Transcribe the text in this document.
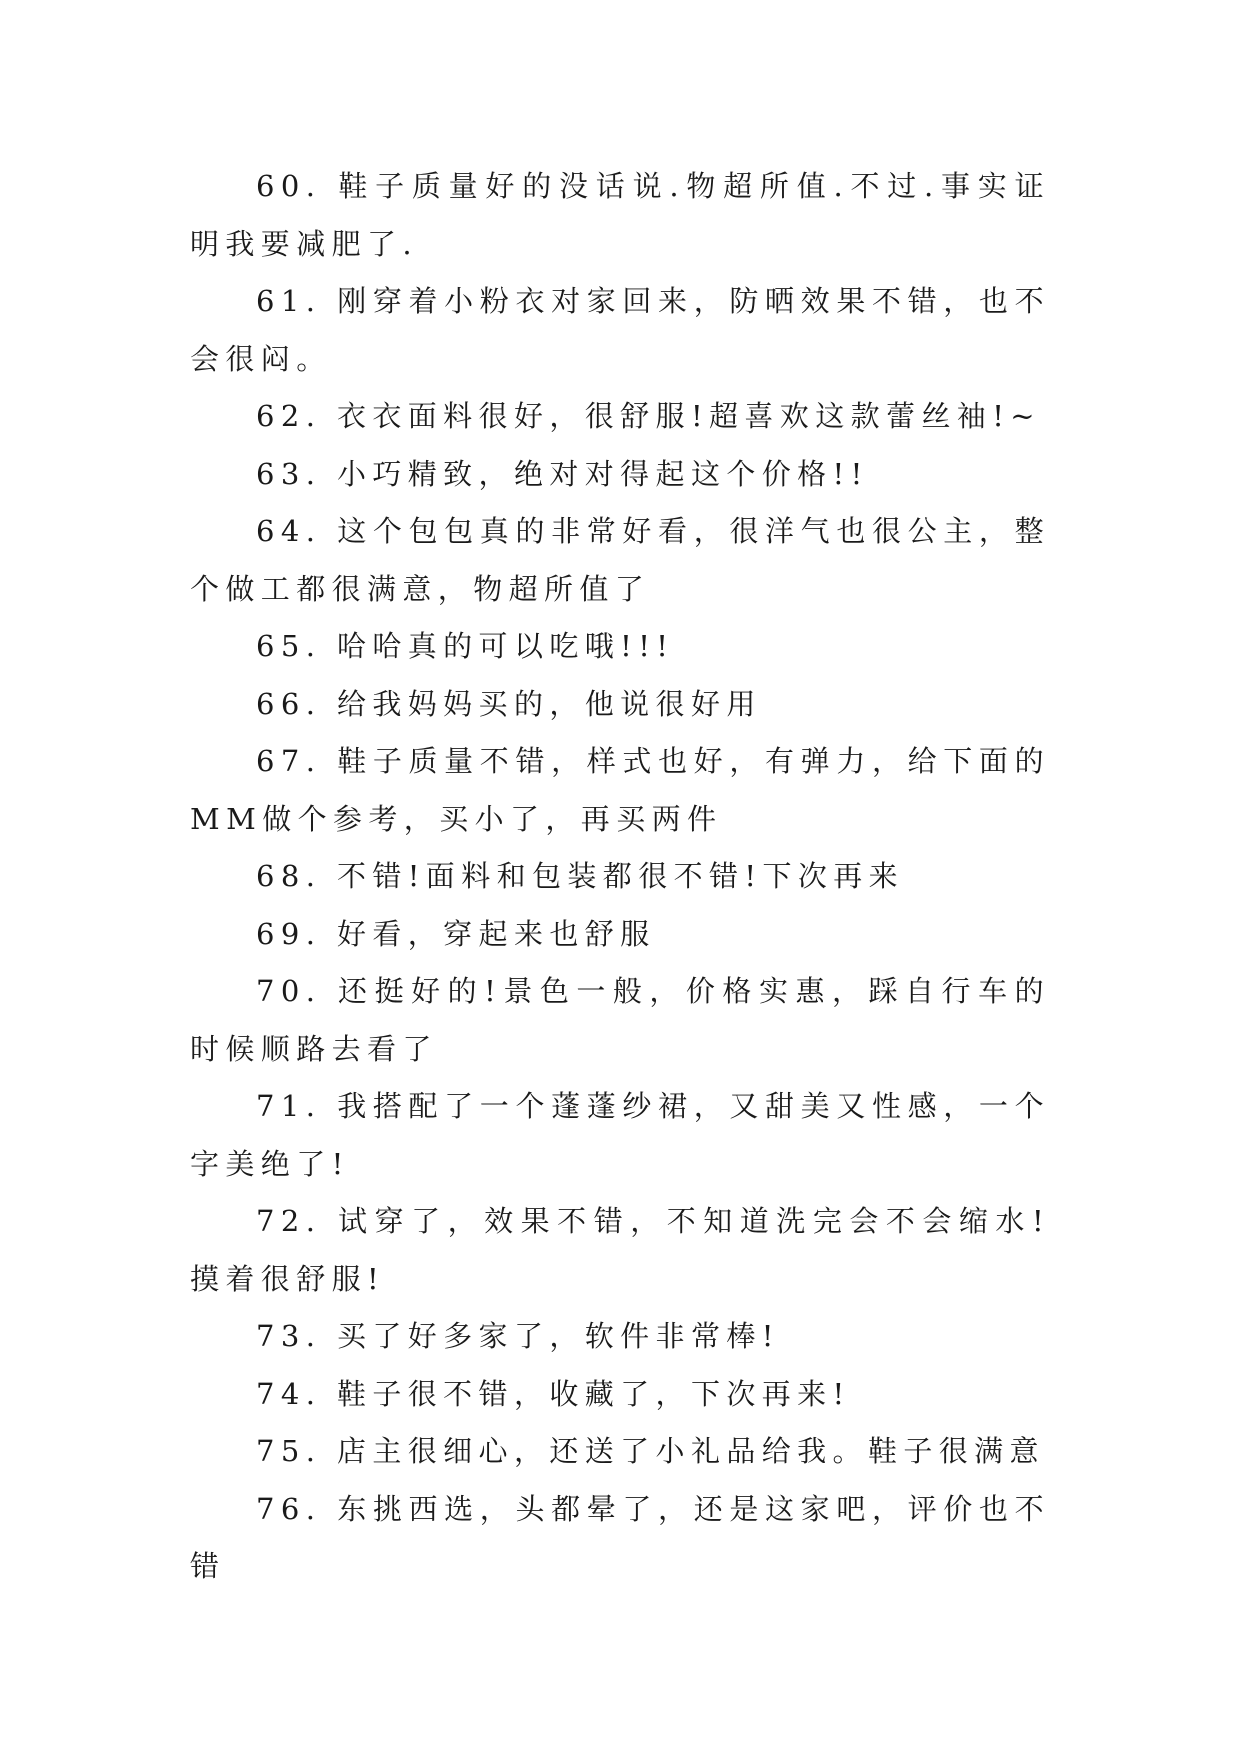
60. 鞋子质量好的没话说.物超所值.不过.事实证明我要减肥了.

61. 刚穿着小粉衣对家回来，防晒效果不错，也不会很闷。

62. 衣衣面料很好，很舒服!超喜欢这款蕾丝袖!~

63. 小巧精致，绝对对得起这个价格!!

64. 这个包包真的非常好看，很洋气也很公主，整个做工都很满意，物超所值了

65. 哈哈真的可以吃哦!!!

66. 给我妈妈买的，他说很好用

67. 鞋子质量不错，样式也好，有弹力，给下面的MM做个参考，买小了，再买两件

68. 不错!面料和包装都很不错!下次再来

69. 好看，穿起来也舒服

70. 还挺好的!景色一般，价格实惠，踩自行车的时候顺路去看了

71. 我搭配了一个蓬蓬纱裙，又甜美又性感，一个字美绝了!

72. 试穿了，效果不错，不知道洗完会不会缩水!摸着很舒服!

73. 买了好多家了，软件非常棒!

74. 鞋子很不错，收藏了，下次再来!

75. 店主很细心，还送了小礼品给我。鞋子很满意

76. 东挑西选，头都晕了，还是这家吧，评价也不错
